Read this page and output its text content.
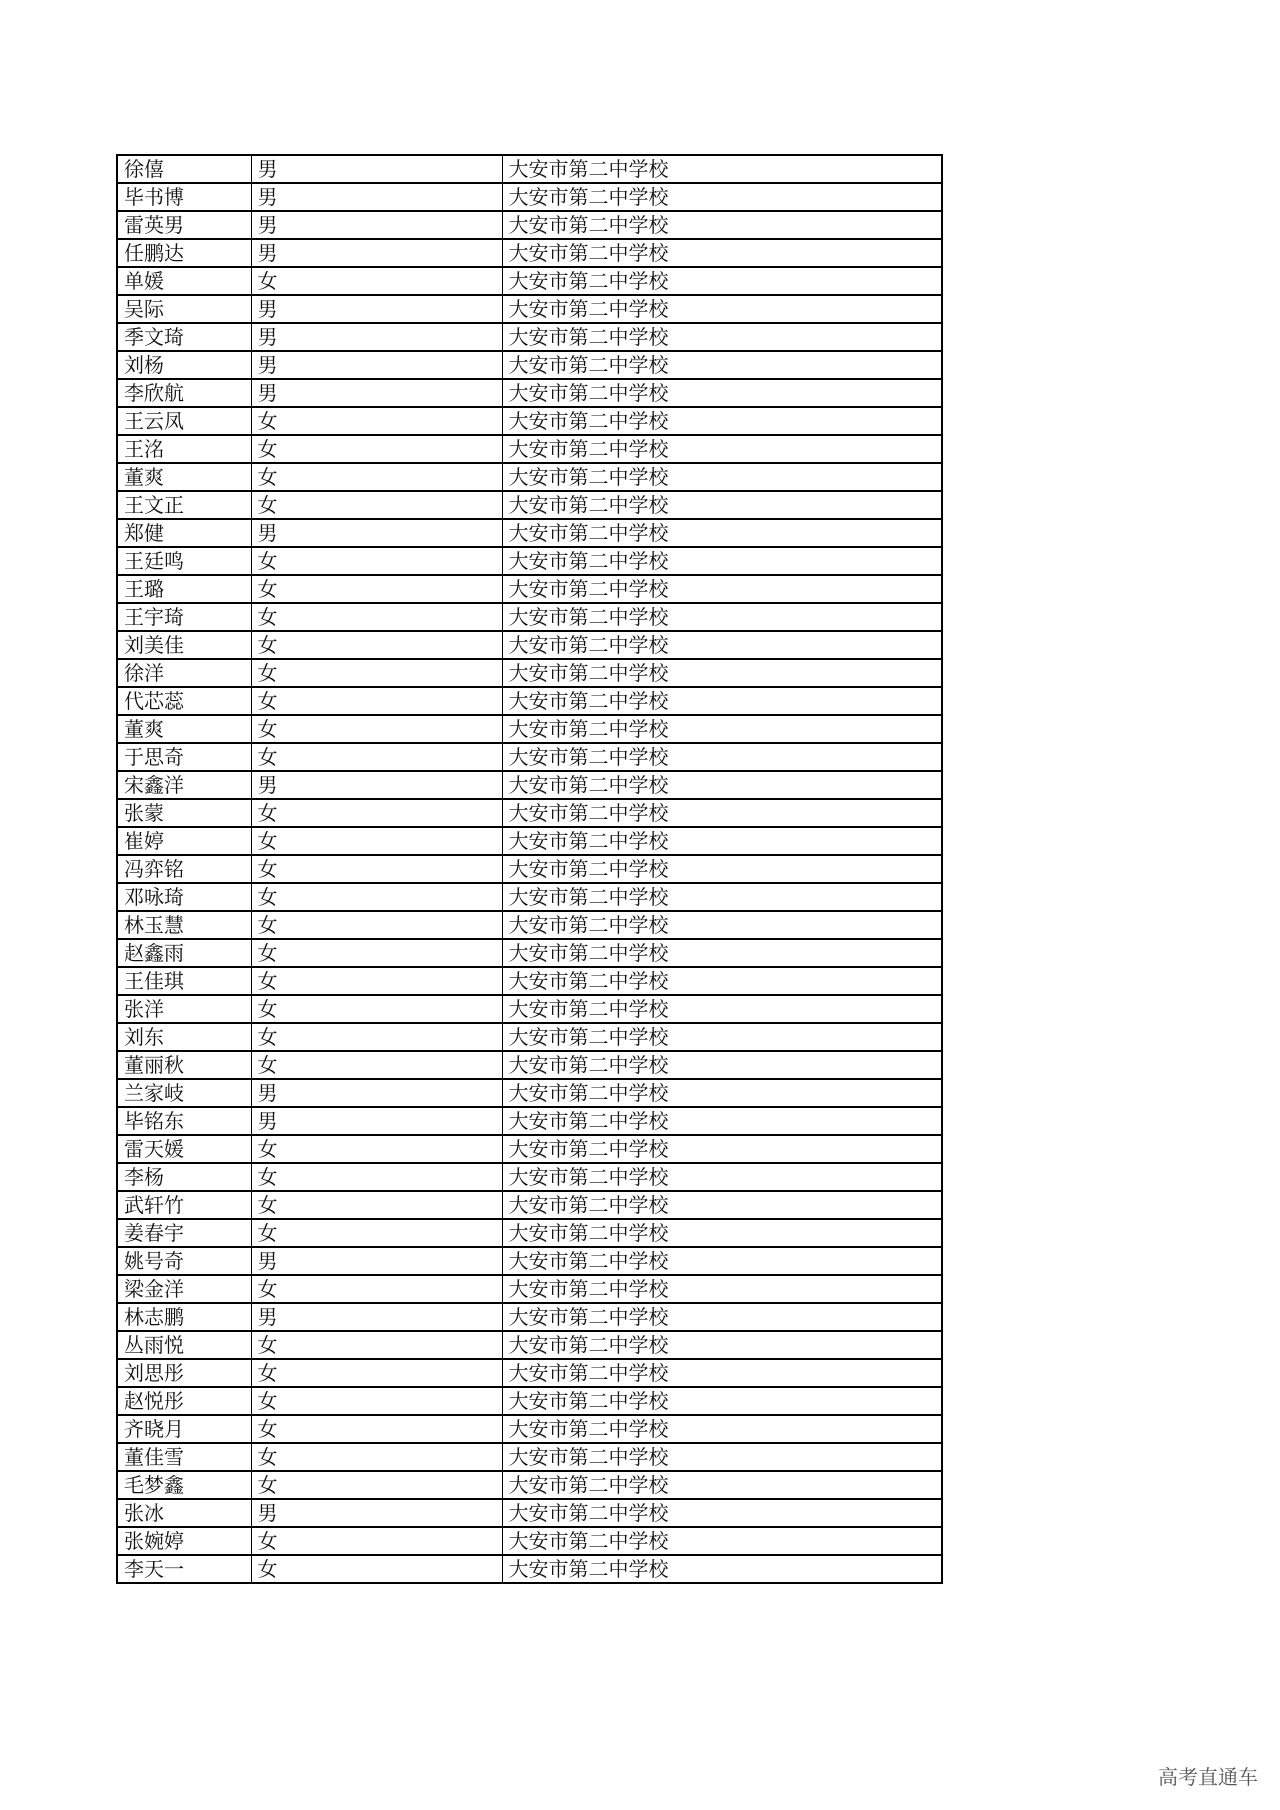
徐僖	男	大安市第二中学校
毕书博	男	大安市第二中学校
雷英男	男	大安市第二中学校
任鹏达	男	大安市第二中学校
单媛	女	大安市第二中学校
吴际	男	大安市第二中学校
季文琦	男	大安市第二中学校
刘杨	男	大安市第二中学校
李欣航	男	大安市第二中学校
王云凤	女	大安市第二中学校
王洺	女	大安市第二中学校
董爽	女	大安市第二中学校
王文正	女	大安市第二中学校
郑健	男	大安市第二中学校
王廷鸣	女	大安市第二中学校
王璐	女	大安市第二中学校
王宇琦	女	大安市第二中学校
刘美佳	女	大安市第二中学校
徐洋	女	大安市第二中学校
代芯蕊	女	大安市第二中学校
董爽	女	大安市第二中学校
于思奇	女	大安市第二中学校
宋鑫洋	男	大安市第二中学校
张蒙	女	大安市第二中学校
崔婷	女	大安市第二中学校
冯弈铭	女	大安市第二中学校
邓咏琦	女	大安市第二中学校
林玉慧	女	大安市第二中学校
赵鑫雨	女	大安市第二中学校
王佳琪	女	大安市第二中学校
张洋	女	大安市第二中学校
刘东	女	大安市第二中学校
董丽秋	女	大安市第二中学校
兰家岐	男	大安市第二中学校
毕铭东	男	大安市第二中学校
雷天媛	女	大安市第二中学校
李杨	女	大安市第二中学校
武轩竹	女	大安市第二中学校
姜春宇	女	大安市第二中学校
姚号奇	男	大安市第二中学校
梁金洋	女	大安市第二中学校
林志鹏	男	大安市第二中学校
丛雨悦	女	大安市第二中学校
刘思彤	女	大安市第二中学校
赵悦彤	女	大安市第二中学校
齐晓月	女	大安市第二中学校
董佳雪	女	大安市第二中学校
毛梦鑫	女	大安市第二中学校
张冰	男	大安市第二中学校
张婉婷	女	大安市第二中学校
李天一	女	大安市第二中学校
高考直通车
